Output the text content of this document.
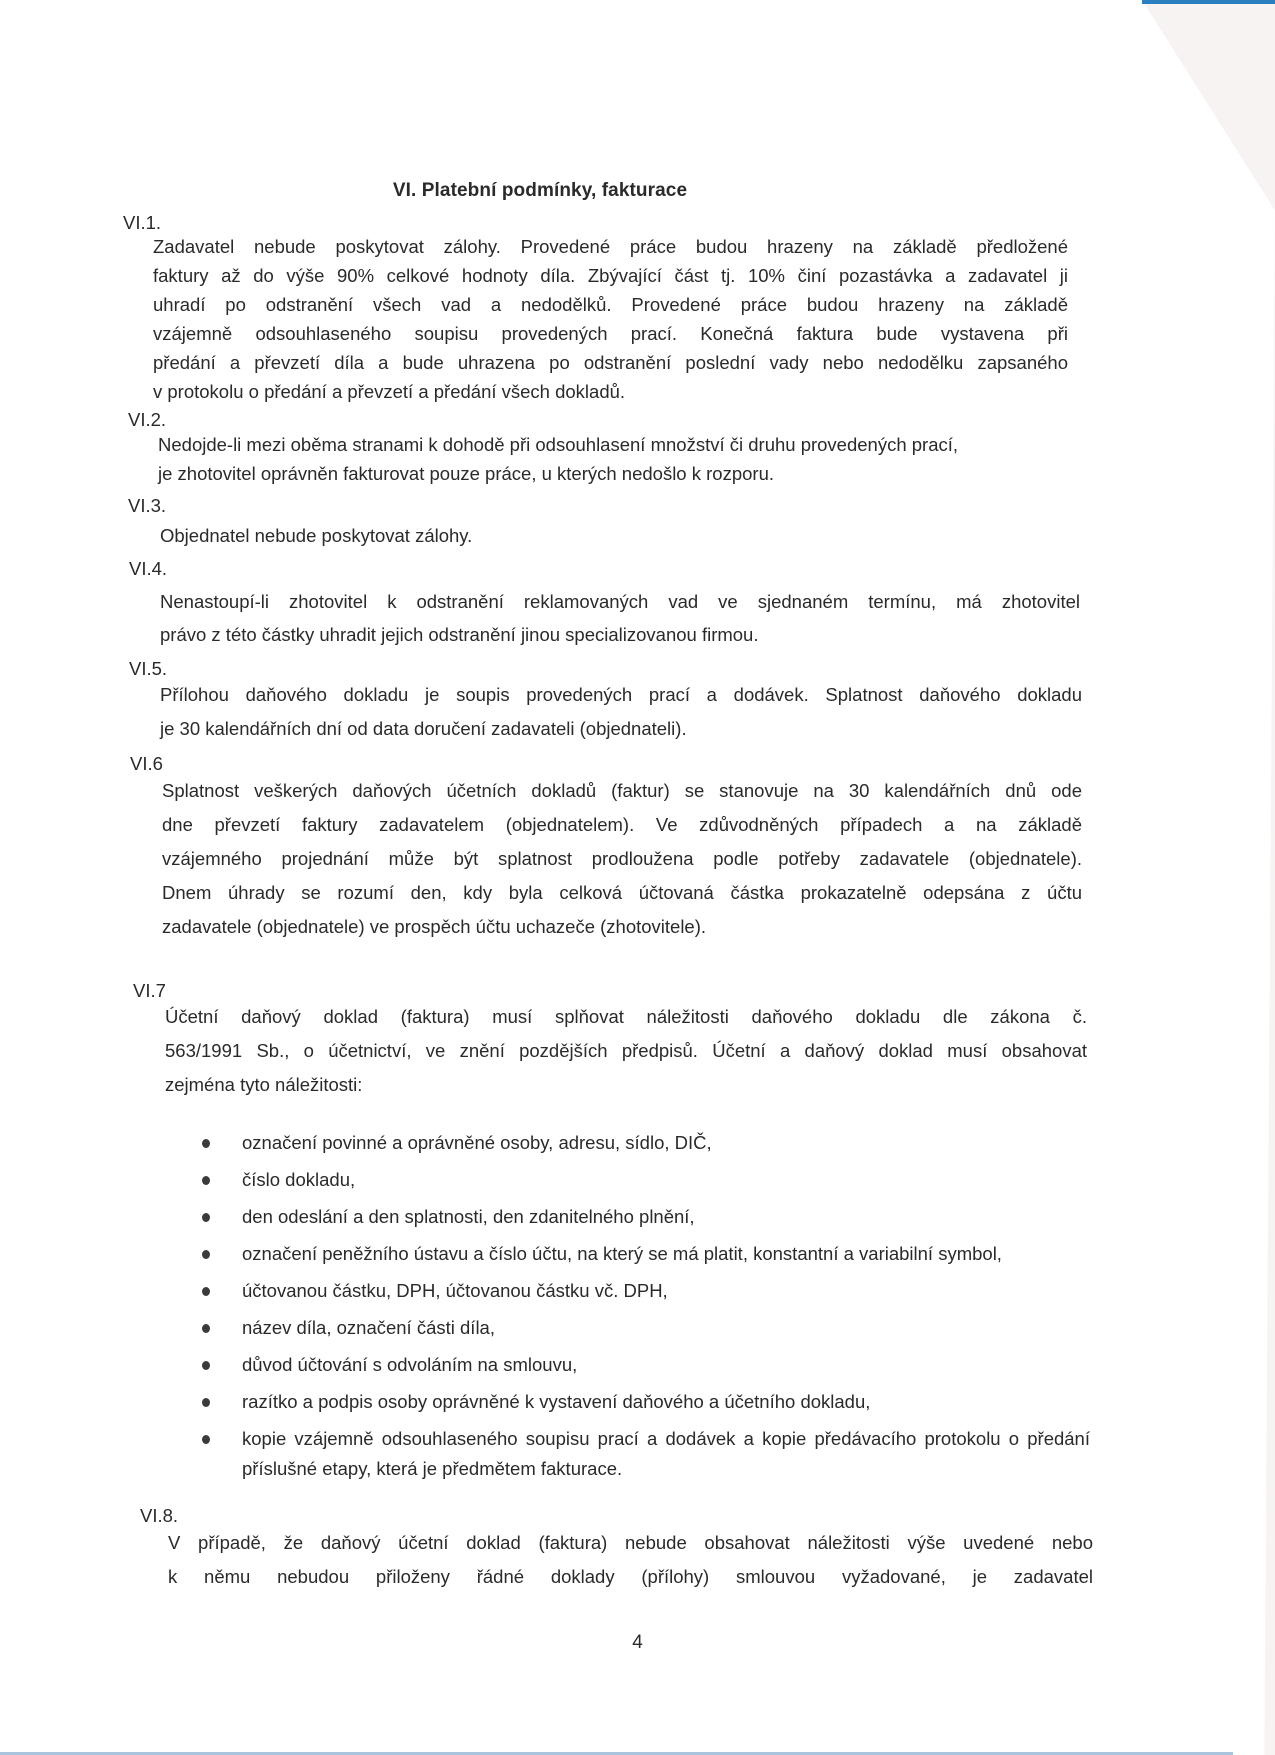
VI. Platební podmínky, fakturace
VI.1.
Zadavatel nebude poskytovat zálohy. Provedené práce budou hrazeny na základě předložené
faktury až do výše 90% celkové hodnoty díla. Zbývající část tj. 10% činí pozastávka a zadavatel ji
uhradí po odstranění všech vad a nedodělků. Provedené práce budou hrazeny na základě
vzájemně odsouhlaseného soupisu provedených prací. Konečná faktura bude vystavena při
předání a převzetí díla a bude uhrazena po odstranění poslední vady nebo nedodělku zapsaného
v protokolu o předání a převzetí a předání všech dokladů.
VI.2.
Nedojde-li mezi oběma stranami k dohodě při odsouhlasení množství či druhu provedených prací,
je zhotovitel oprávněn fakturovat pouze práce, u kterých nedošlo k rozporu.
VI.3.
Objednatel nebude poskytovat zálohy.
VI.4.
Nenastoupí-li zhotovitel k odstranění reklamovaných vad ve sjednaném termínu, má zhotovitel
právo z této částky uhradit jejich odstranění jinou specializovanou firmou.
VI.5.
Přílohou daňového dokladu je soupis provedených prací a dodávek. Splatnost daňového dokladu
je 30 kalendářních dní od data doručení zadavateli (objednateli).
VI.6
Splatnost veškerých daňových účetních dokladů (faktur) se stanovuje na 30 kalendářních dnů ode
dne převzetí faktury zadavatelem (objednatelem). Ve zdůvodněných případech a na základě
vzájemného projednání může být splatnost prodloužena podle potřeby zadavatele (objednatele).
Dnem úhrady se rozumí den, kdy byla celková účtovaná částka prokazatelně odepsána z účtu
zadavatele (objednatele) ve prospěch účtu uchazeče (zhotovitele).
VI.7
Účetní daňový doklad (faktura) musí splňovat náležitosti daňového dokladu dle zákona č.
563/1991 Sb., o účetnictví, ve znění pozdějších předpisů. Účetní a daňový doklad musí obsahovat
zejména tyto náležitosti:
označení povinné a oprávněné osoby, adresu, sídlo, DIČ,
číslo dokladu,
den odeslání a den splatnosti, den zdanitelného plnění,
označení peněžního ústavu a číslo účtu, na který se má platit, konstantní a variabilní symbol,
účtovanou částku, DPH, účtovanou částku vč. DPH,
název díla, označení části díla,
důvod účtování s odvoláním na smlouvu,
razítko a podpis osoby oprávněné k vystavení daňového a účetního dokladu,
kopie vzájemně odsouhlaseného soupisu prací a dodávek a kopie předávacího protokolu o předání příslušné etapy, která je předmětem fakturace.
VI.8.
V případě, že daňový účetní doklad (faktura) nebude obsahovat náležitosti výše uvedené nebo
k němu nebudou přiloženy řádné doklady (přílohy) smlouvou vyžadované, je zadavatel
4
